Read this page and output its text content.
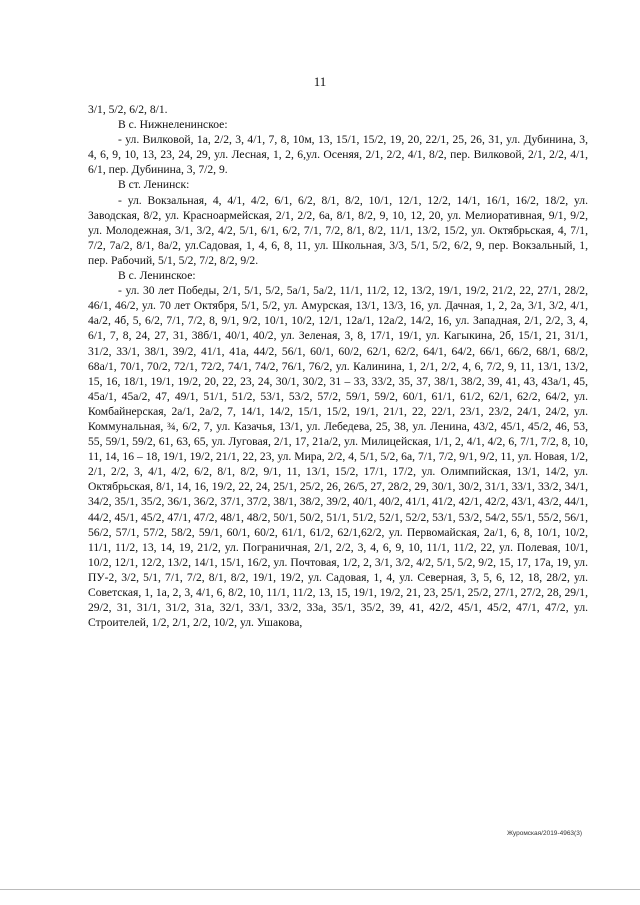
11

3/1, 5/2, 6/2, 8/1.

В с. Нижнеленинское:

- ул. Вилковой, 1а, 2/2, 3, 4/1, 7, 8, 10м, 13, 15/1, 15/2, 19, 20, 22/1, 25, 26, 31, ул. Дубинина, 3, 4, 6, 9, 10, 13, 23, 24, 29, ул. Лесная, 1, 2, 6,ул. Осеняя, 2/1, 2/2, 4/1, 8/2, пер. Вилковой, 2/1, 2/2, 4/1, 6/1, пер. Дубинина, 3, 7/2, 9.

В ст. Ленинск:

- ул. Вокзальная, 4, 4/1, 4/2, 6/1, 6/2, 8/1, 8/2, 10/1, 12/1, 12/2, 14/1, 16/1, 16/2, 18/2, ул. Заводская, 8/2, ул. Красноармейская, 2/1, 2/2, 6а, 8/1, 8/2, 9, 10, 12, 20, ул. Мелиоративная, 9/1, 9/2, ул. Молодежная, 3/1, 3/2, 4/2, 5/1, 6/1, 6/2, 7/1, 7/2, 8/1, 8/2, 11/1, 13/2, 15/2, ул. Октябрьская, 4, 7/1, 7/2, 7а/2, 8/1, 8а/2, ул.Садовая, 1, 4, 6, 8, 11, ул. Школьная, 3/3, 5/1, 5/2, 6/2, 9, пер. Вокзальный, 1, пер. Рабочий, 5/1, 5/2, 7/2, 8/2, 9/2.

В с. Ленинское:

- ул. 30 лет Победы, 2/1, 5/1, 5/2, 5а/1, 5а/2, 11/1, 11/2, 12, 13/2, 19/1, 19/2, 21/2, 22, 27/1, 28/2, 46/1, 46/2, ул. 70 лет Октября, 5/1, 5/2, ул. Амурская, 13/1, 13/3, 16, ул. Дачная, 1, 2, 2а, 3/1, 3/2, 4/1, 4а/2, 4б, 5, 6/2, 7/1, 7/2, 8, 9/1, 9/2, 10/1, 10/2, 12/1, 12а/1, 12а/2, 14/2, 16, ул. Западная, 2/1, 2/2, 3, 4, 6/1, 7, 8, 24, 27, 31, 38б/1, 40/1, 40/2, ул. Зеленая, 3, 8, 17/1, 19/1, ул. Кагыкина, 2б, 15/1, 21, 31/1, 31/2, 33/1, 38/1, 39/2, 41/1, 41а, 44/2, 56/1, 60/1, 60/2, 62/1, 62/2, 64/1, 64/2, 66/1, 66/2, 68/1, 68/2, 68а/1, 70/1, 70/2, 72/1, 72/2, 74/1, 74/2, 76/1, 76/2, ул. Калинина, 1, 2/1, 2/2, 4, 6, 7/2, 9, 11, 13/1, 13/2, 15, 16, 18/1, 19/1, 19/2, 20, 22, 23, 24, 30/1, 30/2, 31 – 33, 33/2, 35, 37, 38/1, 38/2, 39, 41, 43, 43а/1, 45, 45а/1, 45а/2, 47, 49/1, 51/1, 51/2, 53/1, 53/2, 57/2, 59/1, 59/2, 60/1, 61/1, 61/2, 62/1, 62/2, 64/2, ул. Комбайнерская, 2а/1, 2а/2, 7, 14/1, 14/2, 15/1, 15/2, 19/1, 21/1, 22, 22/1, 23/1, 23/2, 24/1, 24/2, ул. Коммунальная, ¾, 6/2, 7, ул. Казачья, 13/1, ул. Лебедева, 25, 38, ул. Ленина, 43/2, 45/1, 45/2, 46, 53, 55, 59/1, 59/2, 61, 63, 65, ул. Луговая, 2/1, 17, 21а/2, ул. Милицейская, 1/1, 2, 4/1, 4/2, 6, 7/1, 7/2, 8, 10, 11, 14, 16 – 18, 19/1, 19/2, 21/1, 22, 23, ул. Мира, 2/2, 4, 5/1, 5/2, 6а, 7/1, 7/2, 9/1, 9/2, 11, ул. Новая, 1/2, 2/1, 2/2, 3, 4/1, 4/2, 6/2, 8/1, 8/2, 9/1, 11, 13/1, 15/2, 17/1, 17/2, ул. Олимпийская, 13/1, 14/2, ул. Октябрьская, 8/1, 14, 16, 19/2, 22, 24, 25/1, 25/2, 26, 26/5, 27, 28/2, 29, 30/1, 30/2, 31/1, 33/1, 33/2, 34/1, 34/2, 35/1, 35/2, 36/1, 36/2, 37/1, 37/2, 38/1, 38/2, 39/2, 40/1, 40/2, 41/1, 41/2, 42/1, 42/2, 43/1, 43/2, 44/1, 44/2, 45/1, 45/2, 47/1, 47/2, 48/1, 48/2, 50/1, 50/2, 51/1, 51/2, 52/1, 52/2, 53/1, 53/2, 54/2, 55/1, 55/2, 56/1, 56/2, 57/1, 57/2, 58/2, 59/1, 60/1, 60/2, 61/1, 61/2, 62/1,62/2, ул. Первомайская, 2а/1, 6, 8, 10/1, 10/2, 11/1, 11/2, 13, 14, 19, 21/2, ул. Пограничная, 2/1, 2/2, 3, 4, 6, 9, 10, 11/1, 11/2, 22, ул. Полевая, 10/1, 10/2, 12/1, 12/2, 13/2, 14/1, 15/1, 16/2, ул. Почтовая, 1/2, 2, 3/1, 3/2, 4/2, 5/1, 5/2, 9/2, 15, 17, 17а, 19, ул. ПУ-2, 3/2, 5/1, 7/1, 7/2, 8/1, 8/2, 19/1, 19/2, ул. Садовая, 1, 4, ул. Северная, 3, 5, 6, 12, 18, 28/2, ул. Советская, 1, 1а, 2, 3, 4/1, 6, 8/2, 10, 11/1, 11/2, 13, 15, 19/1, 19/2, 21, 23, 25/1, 25/2, 27/1, 27/2, 28, 29/1, 29/2, 31, 31/1, 31/2, 31а, 32/1, 33/1, 33/2, 33а, 35/1, 35/2, 39, 41, 42/2, 45/1, 45/2, 47/1, 47/2, ул. Строителей, 1/2, 2/1, 2/2, 10/2, ул. Ушакова,

Журомская/2019-4963(3)
